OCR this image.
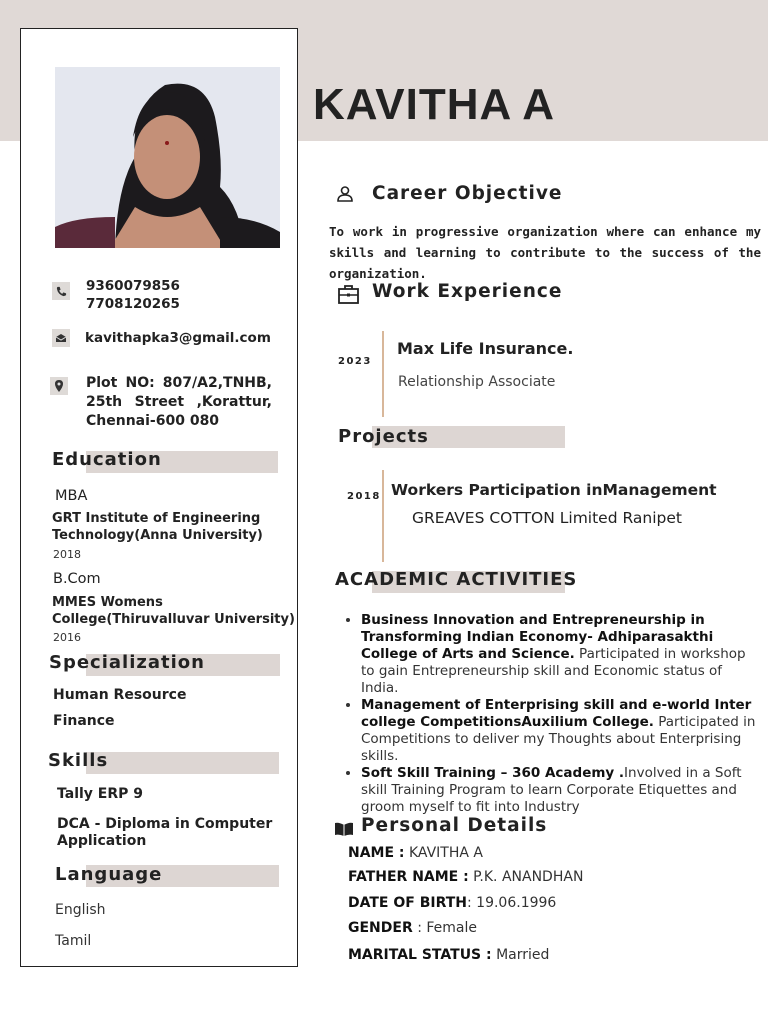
KAVITHA A
9360079856
7708120265
kavithapka3@gmail.com
Plot NO: 807/A2,TNHB, 25th Street ,Korattur, Chennai-600 080
Education
MBA
GRT Institute of Engineering Technology(Anna University)
2018
B.Com
MMES Womens College(Thiruvalluvar University)
2016
Specialization
Human Resource
Finance
Skills
Tally ERP 9
DCA - Diploma in Computer Application
Language
English
Tamil
Career Objective
To work in progressive organization where can enhance my skills and learning to contribute to the success of the organization.
Work Experience
2023
Max Life Insurance.
Relationship Associate
Projects
2018 Workers Participation inManagement
GREAVES COTTON Limited Ranipet
ACADEMIC ACTIVITIES
• Business Innovation and Entrepreneurship in Transforming Indian Economy- Adhiparasakthi College of Arts and Science. Participated in workshop to gain Entrepreneurship skill and Economic status of India.
• Management of Enterprising skill and e-world Inter college CompetitionsAuxilium College. Participated in Competitions to deliver my Thoughts about Enterprising skills.
• Soft Skill Training – 360 Academy .Involved in a Soft skill Training Program to learn Corporate Etiquettes and groom myself to fit into Industry
Personal Details
NAME : KAVITHA A
FATHER NAME : P.K. ANANDHAN
DATE OF BIRTH: 19.06.1996
GENDER : Female
MARITAL STATUS : Married
